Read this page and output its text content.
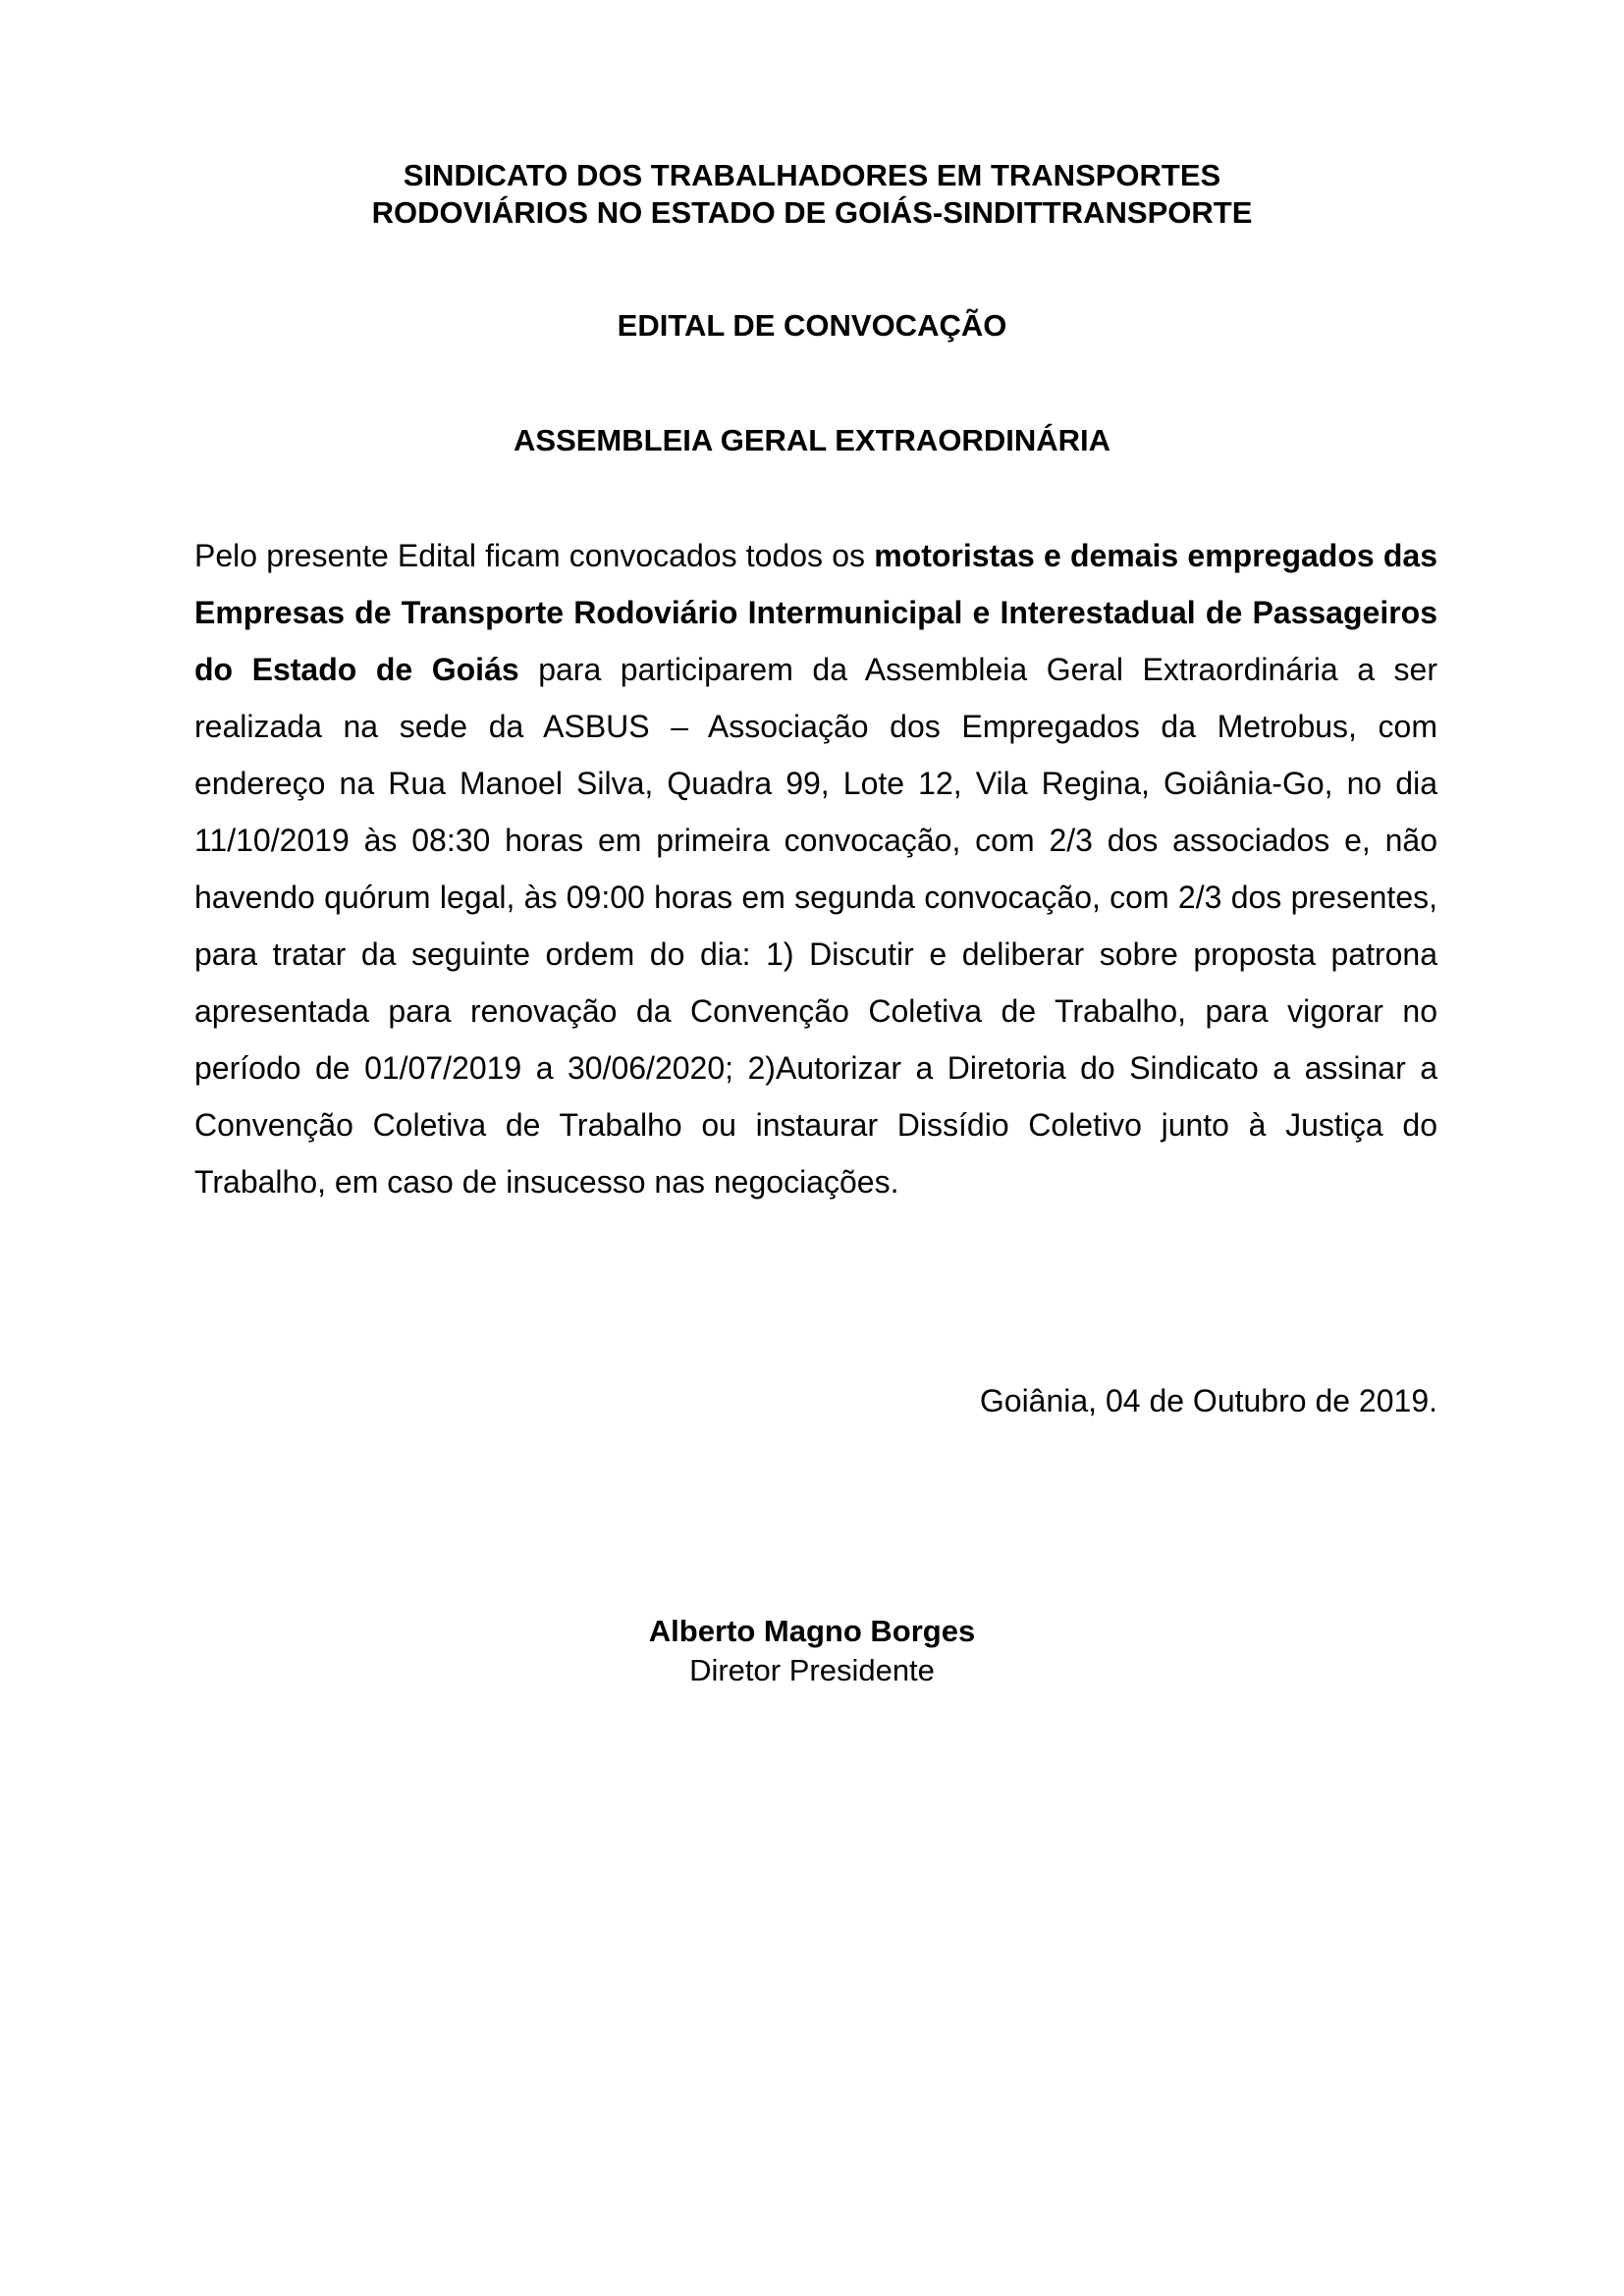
SINDICATO DOS TRABALHADORES EM TRANSPORTES
RODOVIÁRIOS NO ESTADO DE GOIÁS-SINDITTRANSPORTE
EDITAL DE CONVOCAÇÃO
ASSEMBLEIA GERAL EXTRAORDINÁRIA
Pelo presente Edital ficam convocados todos os motoristas e demais empregados das Empresas de Transporte Rodoviário Intermunicipal e Interestadual de Passageiros do Estado de Goiás para participarem da Assembleia Geral Extraordinária a ser realizada na sede da ASBUS – Associação dos Empregados da Metrobus, com endereço na Rua Manoel Silva, Quadra 99, Lote 12, Vila Regina, Goiânia-Go, no dia 11/10/2019 às 08:30 horas em primeira convocação, com 2/3 dos associados e, não havendo quórum legal, às 09:00 horas em segunda convocação, com 2/3 dos presentes, para tratar da seguinte ordem do dia: 1) Discutir e deliberar sobre proposta patrona apresentada para renovação da Convenção Coletiva de Trabalho, para vigorar no período de 01/07/2019 a 30/06/2020; 2)Autorizar a Diretoria do Sindicato a assinar a Convenção Coletiva de Trabalho ou instaurar Dissídio Coletivo junto à Justiça do Trabalho, em caso de insucesso nas negociações.
Goiânia, 04 de Outubro de 2019.
Alberto Magno Borges
Diretor Presidente
